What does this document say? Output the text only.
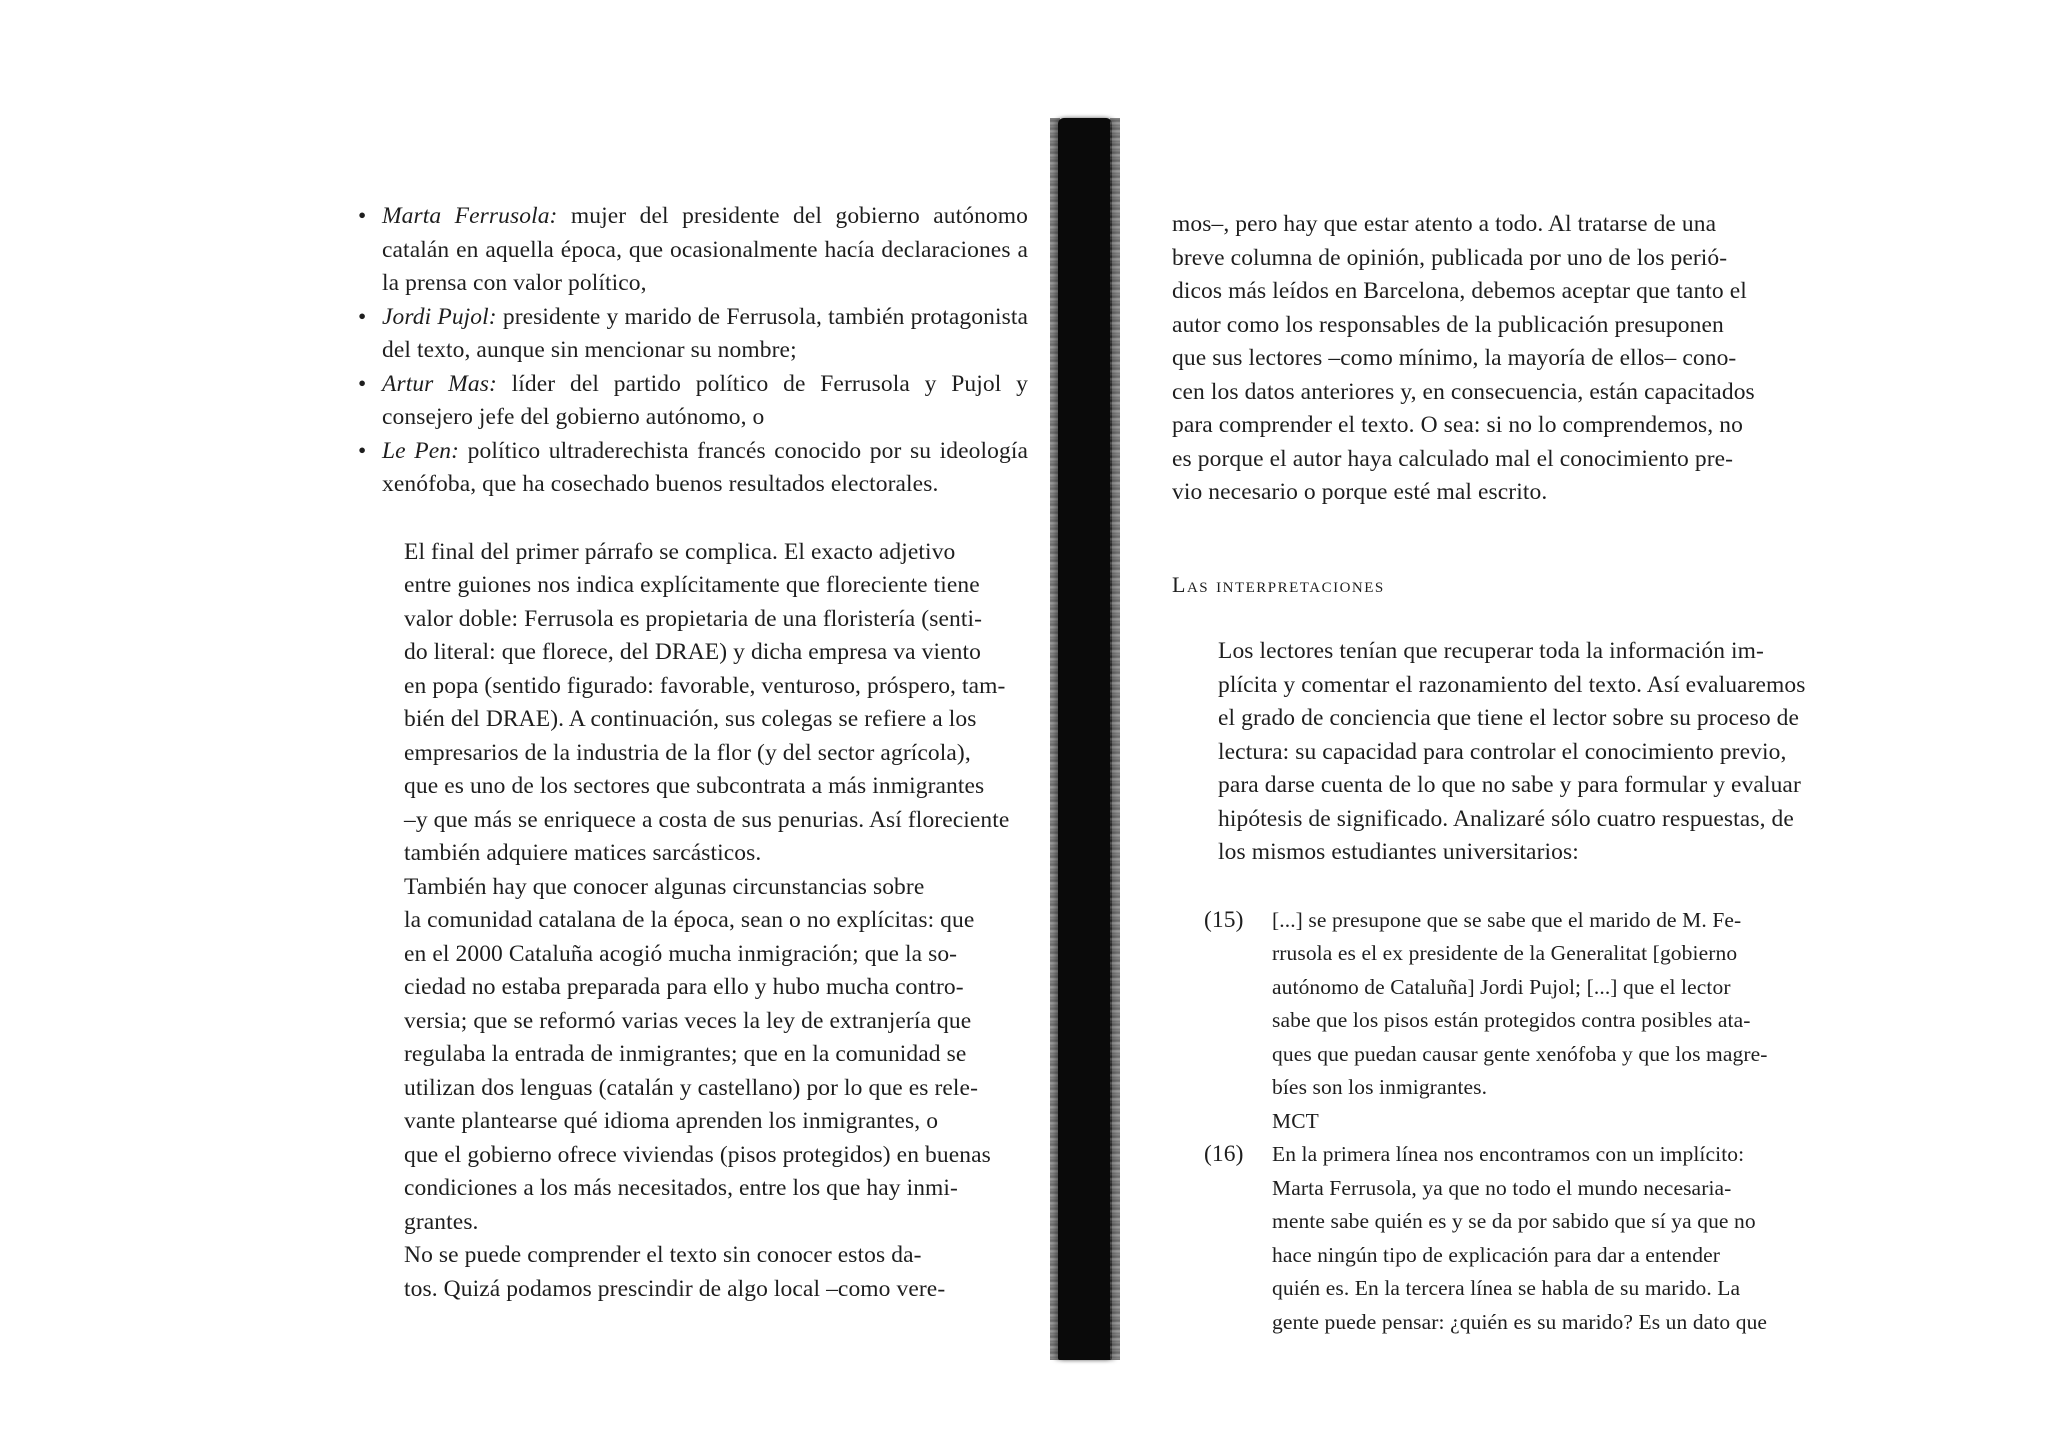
• Marta Ferrusola: mujer del presidente del gobierno autónomo catalán en aquella época, que ocasionalmente hacía declaraciones a la prensa con valor político,
• Jordi Pujol: presidente y marido de Ferrusola, también protagonista del texto, aunque sin mencionar su nombre;
• Artur Mas: líder del partido político de Ferrusola y Pujol y consejero jefe del gobierno autónomo, o
• Le Pen: político ultraderechista francés conocido por su ideología xenófoba, que ha cosechado buenos resultados electorales.
El final del primer párrafo se complica. El exacto adjetivo
entre guiones nos indica explícitamente que floreciente tiene
valor doble: Ferrusola es propietaria de una floristería (senti-
do literal: que florece, del DRAE) y dicha empresa va viento
en popa (sentido figurado: favorable, venturoso, próspero, tam-
bién del DRAE). A continuación, sus colegas se refiere a los
empresarios de la industria de la flor (y del sector agrícola),
que es uno de los sectores que subcontrata a más inmigrantes
–y que más se enriquece a costa de sus penurias. Así floreciente
también adquiere matices sarcásticos.
También hay que conocer algunas circunstancias sobre
la comunidad catalana de la época, sean o no explícitas: que
en el 2000 Cataluña acogió mucha inmigración; que la so-
ciedad no estaba preparada para ello y hubo mucha contro-
versia; que se reformó varias veces la ley de extranjería que
regulaba la entrada de inmigrantes; que en la comunidad se
utilizan dos lenguas (catalán y castellano) por lo que es rele-
vante plantearse qué idioma aprenden los inmigrantes, o
que el gobierno ofrece viviendas (pisos protegidos) en buenas
condiciones a los más necesitados, entre los que hay inmi-
grantes.
No se puede comprender el texto sin conocer estos da-
tos. Quizá podamos prescindir de algo local –como vere-
mos–, pero hay que estar atento a todo. Al tratarse de una
breve columna de opinión, publicada por uno de los perió-
dicos más leídos en Barcelona, debemos aceptar que tanto el
autor como los responsables de la publicación presuponen
que sus lectores –como mínimo, la mayoría de ellos– cono-
cen los datos anteriores y, en consecuencia, están capacitados
para comprender el texto. O sea: si no lo comprendemos, no
es porque el autor haya calculado mal el conocimiento pre-
vio necesario o porque esté mal escrito.

Las interpretaciones

Los lectores tenían que recuperar toda la información im-
plícita y comentar el razonamiento del texto. Así evaluaremos
el grado de conciencia que tiene el lector sobre su proceso de
lectura: su capacidad para controlar el conocimiento previo,
para darse cuenta de lo que no sabe y para formular y evaluar
hipótesis de significado. Analizaré sólo cuatro respuestas, de
los mismos estudiantes universitarios:
(15)	[...] se presupone que se sabe que el marido de M. Fe-
rrusola es el ex presidente de la Generalitat [gobierno
autónomo de Cataluña] Jordi Pujol; [...] que el lector
sabe que los pisos están protegidos contra posibles ata-
ques que puedan causar gente xenófoba y que los magre-
bíes son los inmigrantes.
MCT
(16)	En la primera línea nos encontramos con un implícito:
Marta Ferrusola, ya que no todo el mundo necesaria-
mente sabe quién es y se da por sabido que sí ya que no
hace ningún tipo de explicación para dar a entender
quién es. En la tercera línea se habla de su marido. La
gente puede pensar: ¿quién es su marido? Es un dato que
